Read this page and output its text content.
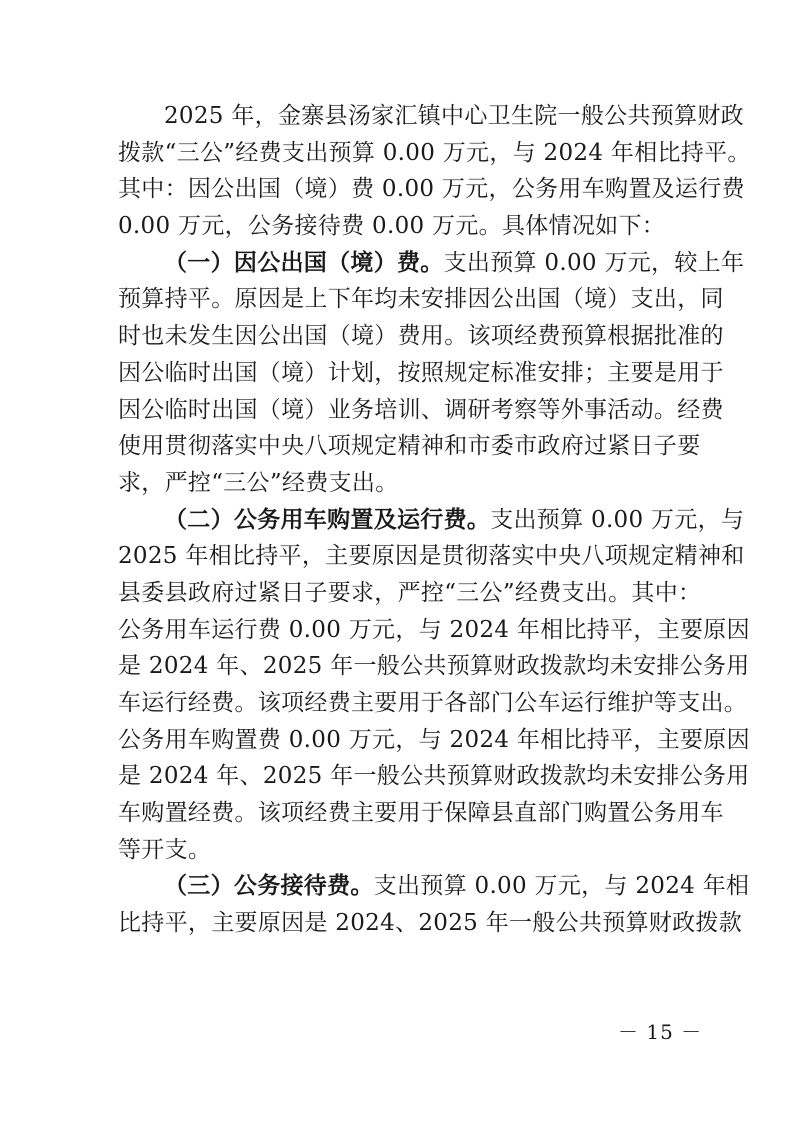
2025 年，金寨县汤家汇镇中心卫生院一般公共预算财政
拨款“三公”经费支出预算 0.00 万元，与 2024 年相比持平。
其中：因公出国（境）费 0.00 万元，公务用车购置及运行费
0.00 万元，公务接待费 0.00 万元。具体情况如下：
（一）因公出国（境）费。支出预算 0.00 万元，较上年
预算持平。原因是上下年均未安排因公出国（境）支出，同
时也未发生因公出国（境）费用。该项经费预算根据批准的
因公临时出国（境）计划，按照规定标准安排；主要是用于
因公临时出国（境）业务培训、调研考察等外事活动。经费
使用贯彻落实中央八项规定精神和市委市政府过紧日子要
求，严控“三公”经费支出。
（二）公务用车购置及运行费。支出预算 0.00 万元，与
2025 年相比持平，主要原因是贯彻落实中央八项规定精神和
县委县政府过紧日子要求，严控“三公”经费支出。其中：
公务用车运行费 0.00 万元，与 2024 年相比持平，主要原因
是 2024 年、2025 年一般公共预算财政拨款均未安排公务用
车运行经费。该项经费主要用于各部门公车运行维护等支出。
公务用车购置费 0.00 万元，与 2024 年相比持平，主要原因
是 2024 年、2025 年一般公共预算财政拨款均未安排公务用
车购置经费。该项经费主要用于保障县直部门购置公务用车
等开支。
（三）公务接待费。支出预算 0.00 万元，与 2024 年相
比持平，主要原因是 2024、2025 年一般公共预算财政拨款
－ 15 －
